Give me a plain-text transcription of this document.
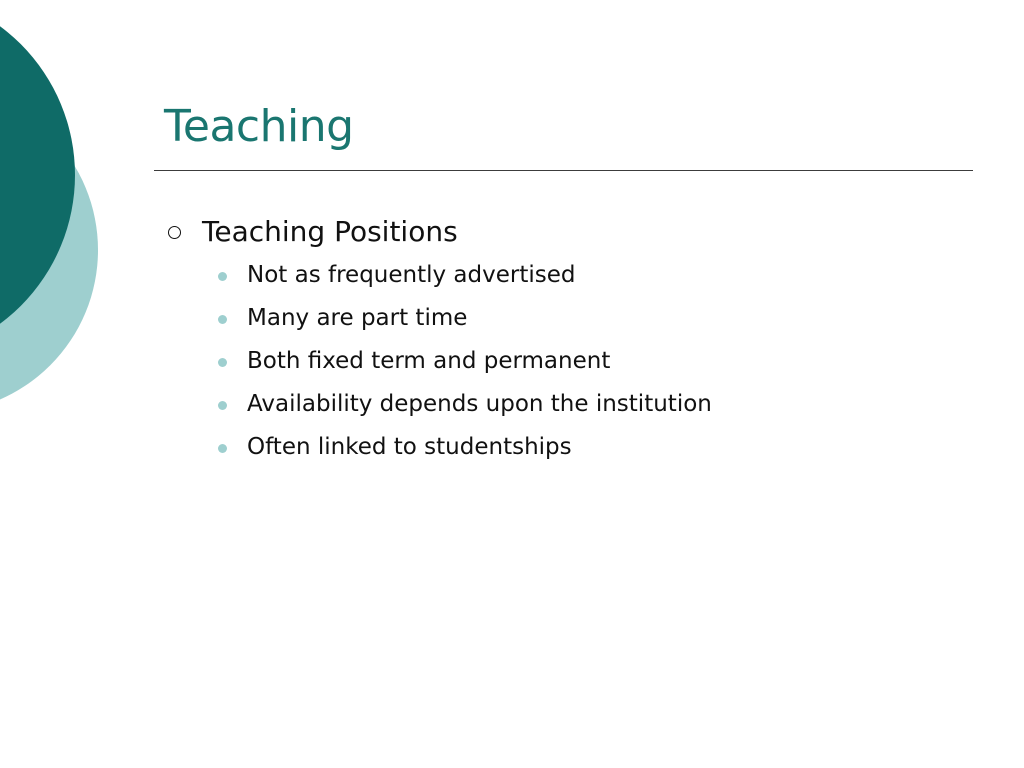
Teaching
Teaching Positions
Not as frequently advertised
Many are part time
Both fixed term and permanent
Availability depends upon the institution
Often linked to studentships
